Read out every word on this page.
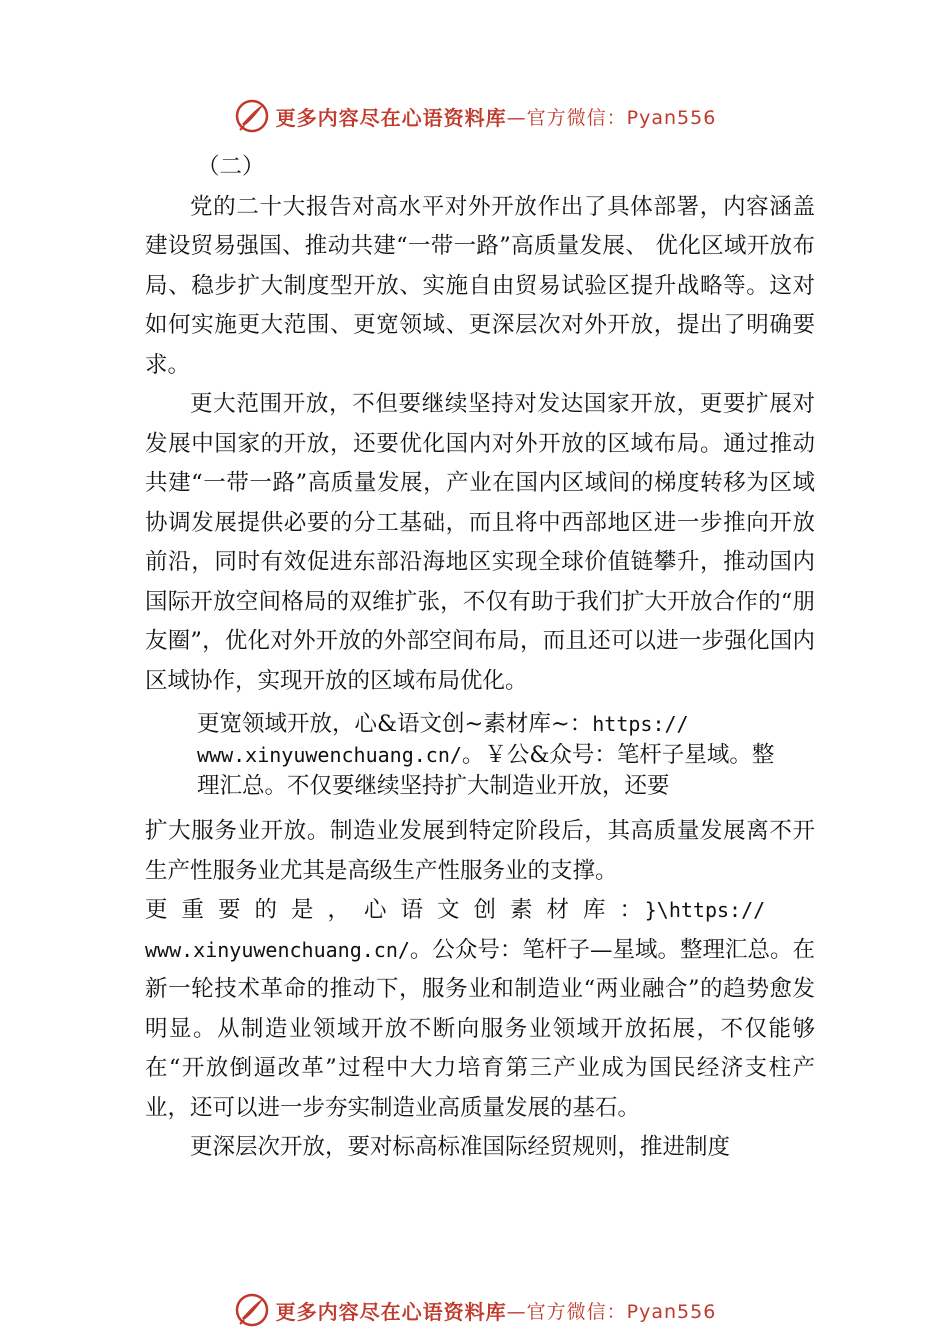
更多内容尽在心语资料库 —官方微信：Pyan556

（二）

党的二十大报告对高水平对外开放作出了具体部署，内容涵盖建设贸易强国、推动共建“一带一路”高质量发展、 优化区域开放布局、稳步扩大制度型开放、实施自由贸易试验区提升战略等。这对如何实施更大范围、更宽领域、更深层次对外开放，提出了明确要求。

更大范围开放，不但要继续坚持对发达国家开放，更要扩展对发展中国家的开放，还要优化国内对外开放的区域布局。通过推动共建“一带一路”高质量发展，产业在国内区域间的梯度转移为区域协调发展提供必要的分工基础，而且将中西部地区进一步推向开放前沿，同时有效促进东部沿海地区实现全球价值链攀升，推动国内国际开放空间格局的双维扩张，不仅有助于我们扩大开放合作的“朋友圈”，优化对外开放的外部空间布局，而且还可以进一步强化国内区域协作，实现开放的区域布局优化。

更宽领域开放，心&语文创~素材库~：https://
www.xinyuwenchuang.cn/。￥公&众号：笔杆子星域。整
理汇总。不仅要继续坚持扩大制造业开放，还要

扩大服务业开放。制造业发展到特定阶段后，其高质量发展离不开生产性服务业尤其是高级生产性服务业的支撑。
更重要的是，心语文创素材库：}\https://
www.xinyuwenchuang.cn/。公众号：笔杆子—星域。整理汇总。在新一轮技术革命的推动下，服务业和制造业“两业融合”的趋势愈发明显。从制造业领域开放不断向服务业领域开放拓展，不仅能够在“开放倒逼改革”过程中大力培育第三产业成为国民经济支柱产业，还可以进一步夯实制造业高质量发展的基石。

更深层次开放，要对标高标准国际经贸规则，推进制度

更多内容尽在心语资料库 —官方微信：Pyan556
